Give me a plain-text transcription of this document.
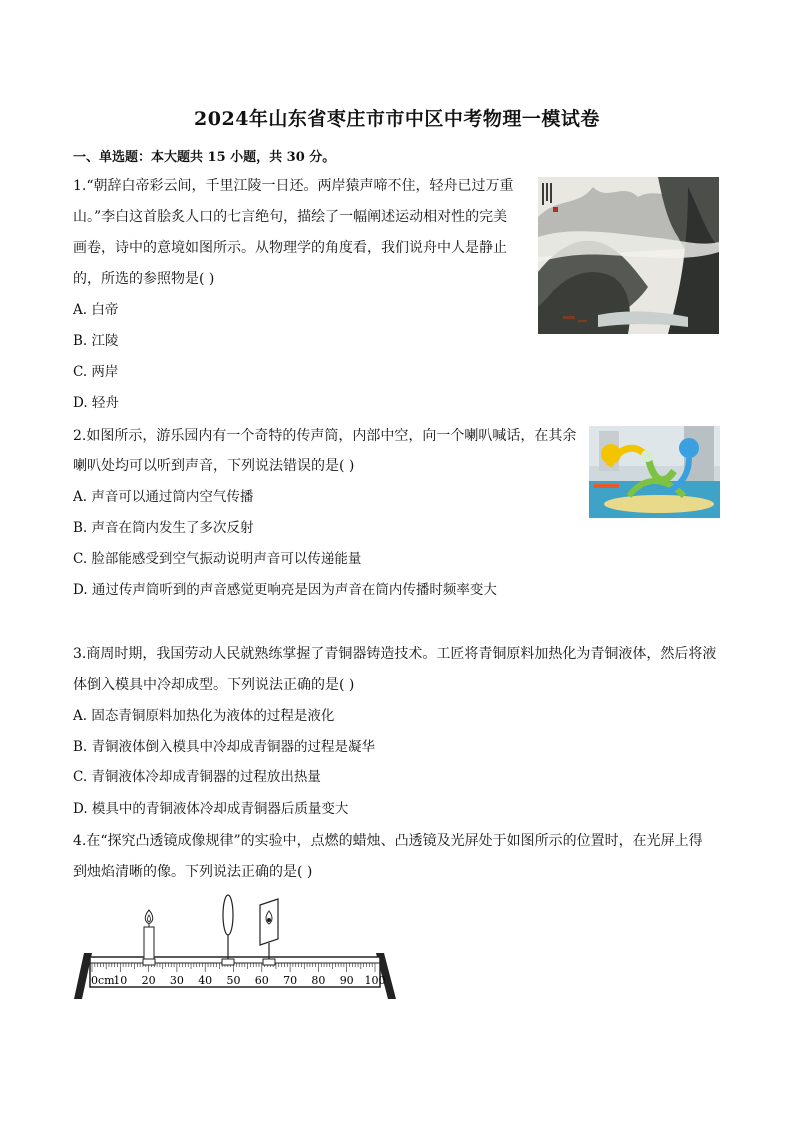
2024年山东省枣庄市市中区中考物理一模试卷
一、单选题：本大题共 15 小题，共 30 分。
1.“朝辞白帝彩云间，千里江陵一日还。两岸猿声啼不住，轻舟已过万重
山。”李白这首脍炙人口的七言绝句，描绘了一幅阐述运动相对性的完美
画卷，诗中的意境如图所示。从物理学的角度看，我们说舟中人是静止
的，所选的参照物是( )
A. 白帝
B. 江陵
C. 两岸
D. 轻舟
2.如图所示，游乐园内有一个奇特的传声筒，内部中空，向一个喇叭喊话，在其余
喇叭处均可以听到声音，下列说法错误的是( )
A. 声音可以通过筒内空气传播
B. 声音在筒内发生了多次反射
C. 脸部能感受到空气振动说明声音可以传递能量
D. 通过传声筒听到的声音感觉更响亮是因为声音在筒内传播时频率变大
3.商周时期，我国劳动人民就熟练掌握了青铜器铸造技术。工匠将青铜原料加热化为青铜液体，然后将液
体倒入模具中冷却成型。下列说法正确的是( )
A. 固态青铜原料加热化为液体的过程是液化
B. 青铜液体倒入模具中冷却成青铜器的过程是凝华
C. 青铜液体冷却成青铜器的过程放出热量
D. 模具中的青铜液体冷却成青铜器后质量变大
4.在“探究凸透镜成像规律”的实验中，点燃的蜡烛、凸透镜及光屏处于如图所示的位置时，在光屏上得
到烛焰清晰的像。下列说法正确的是( )
0cm
10 20 30 40 50 60 70 80 90 100
